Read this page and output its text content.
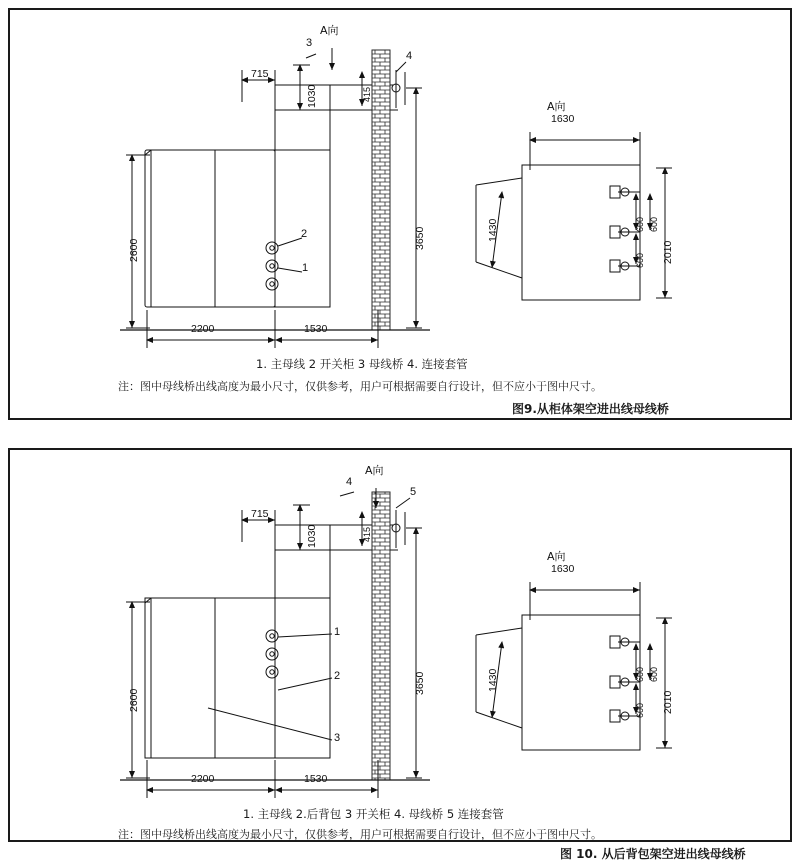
715
1030	415
3650
2600
2200	1530
A向
A向
1630
1430
2010
600 600
600
1
2
3
4
1. 主母线 2 开关柜 3 母线桥 4. 连接套管
注：图中母线桥出线高度为最小尺寸，仅供参考，用户可根据需要自行设计，但不应小于图中尺寸。
图9.从柜体架空进出线母线桥
715
1030	415
3650
2600
2200	1530
A向
A向
1630
1430
2010
600 600
600
1
2
3
4
5
1. 主母线 2.后背包 3 开关柜 4. 母线桥 5 连接套管
注：图中母线桥出线高度为最小尺寸，仅供参考，用户可根据需要自行设计，但不应小于图中尺寸。
图 10. 从后背包架空进出线母线桥
